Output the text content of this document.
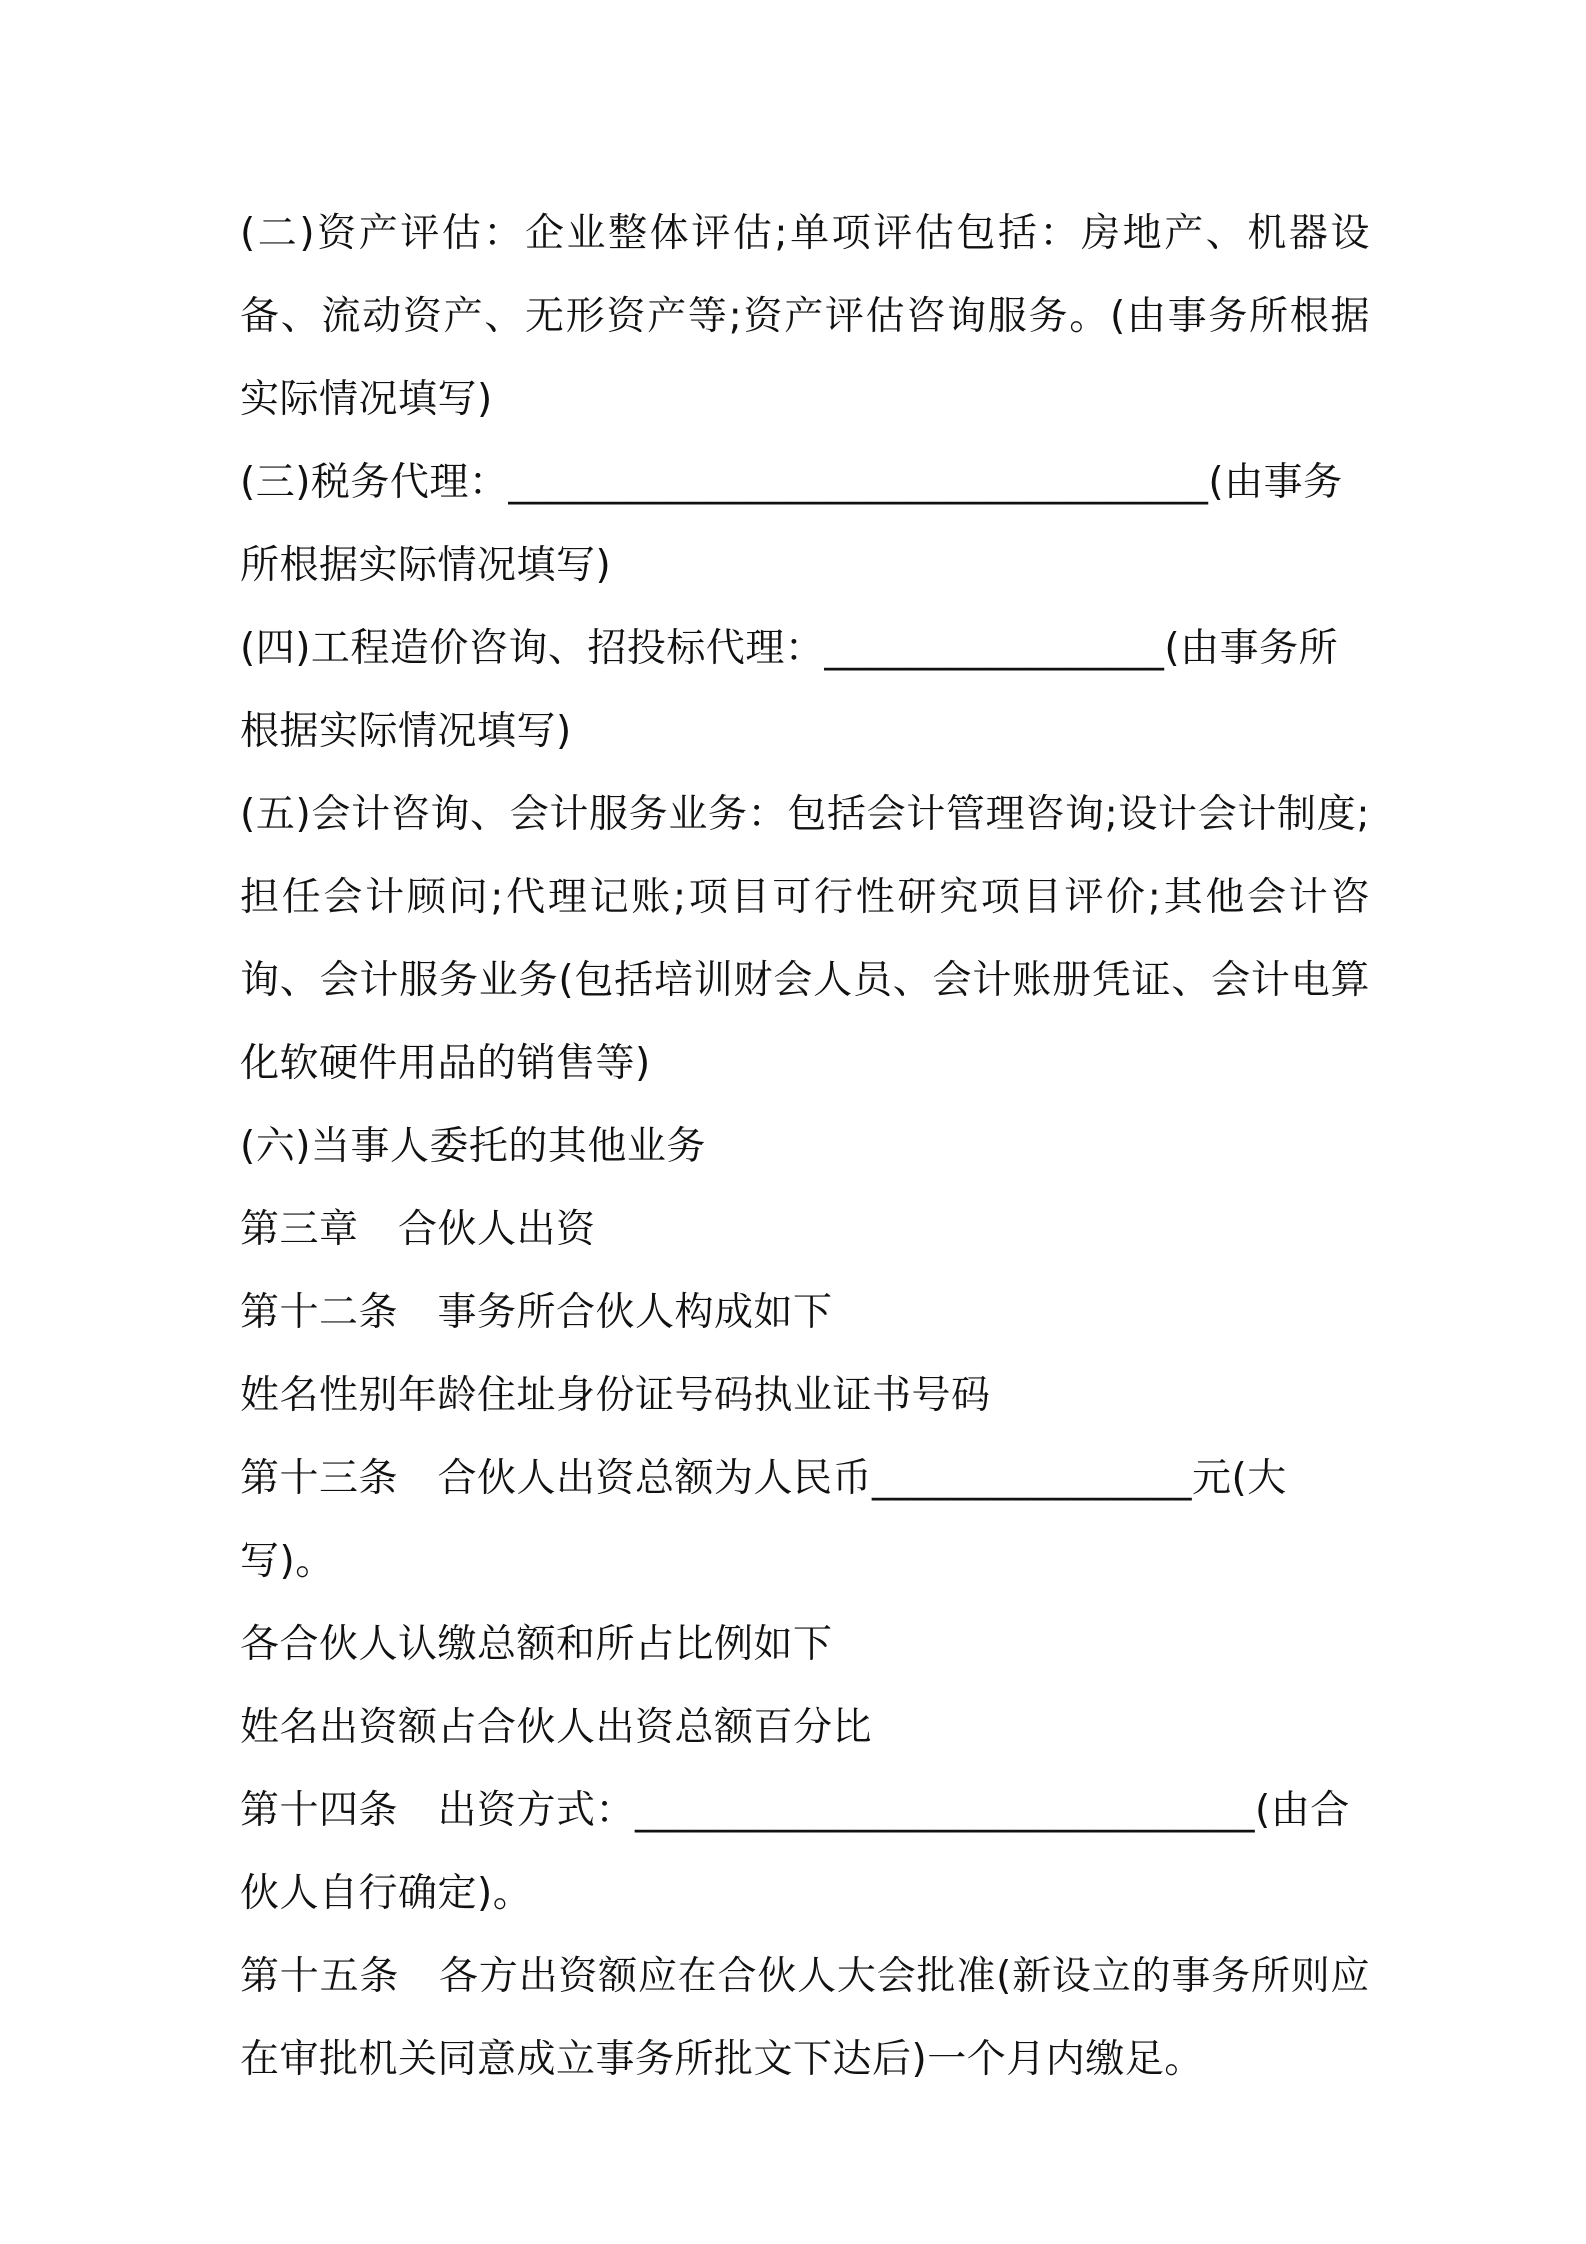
(二)资产评估：企业整体评估;单项评估包括：房地产、机器设备、流动资产、无形资产等;资产评估咨询服务。(由事务所根据实际情况填写)

(三)税务代理：___________________________________(由事务所根据实际情况填写)

(四)工程造价咨询、招投标代理：_________________(由事务所根据实际情况填写)

(五)会计咨询、会计服务业务：包括会计管理咨询;设计会计制度;担任会计顾问;代理记账;项目可行性研究项目评价;其他会计咨询、会计服务业务(包括培训财会人员、会计账册凭证、会计电算化软硬件用品的销售等)

(六)当事人委托的其他业务

第三章　合伙人出资

第十二条　事务所合伙人构成如下

姓名性别年龄住址身份证号码执业证书号码

第十三条　合伙人出资总额为人民币________________元(大写)。

各合伙人认缴总额和所占比例如下

姓名出资额占合伙人出资总额百分比

第十四条　出资方式：_______________________________(由合伙人自行确定)。

第十五条　各方出资额应在合伙人大会批准(新设立的事务所则应在审批机关同意成立事务所批文下达后)一个月内缴足。
